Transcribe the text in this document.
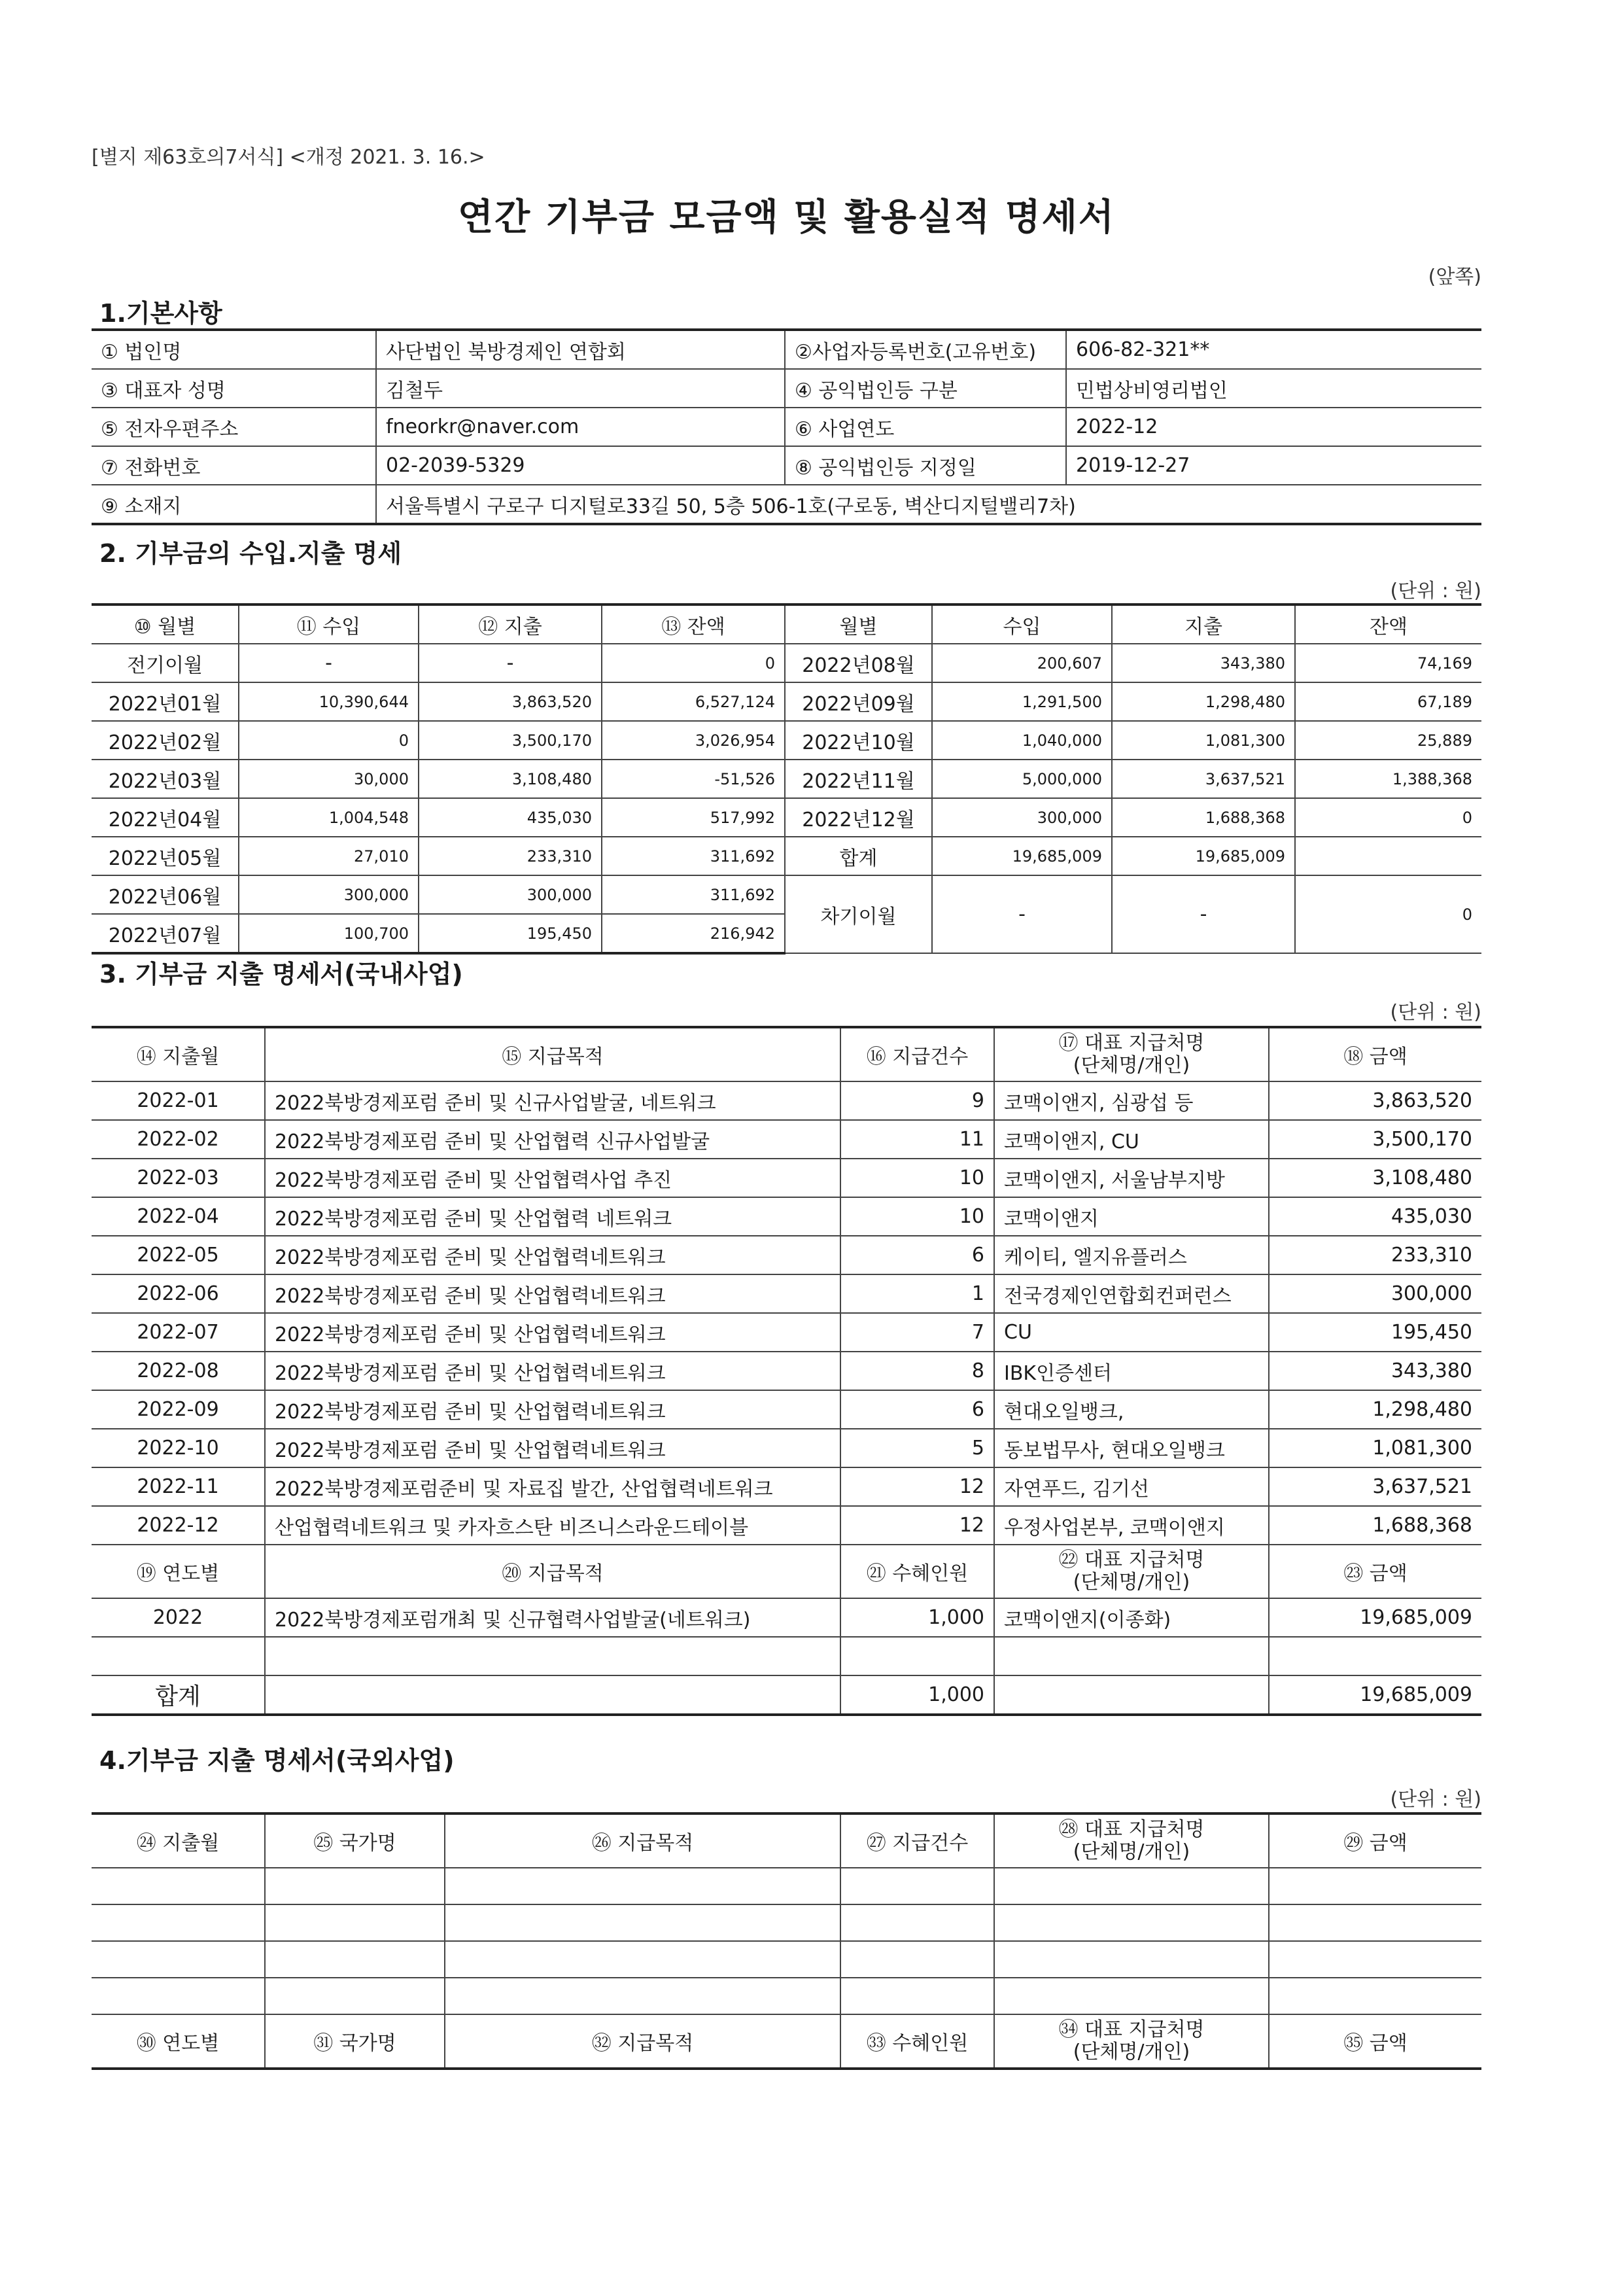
[별지 제63호의7서식] <개정 2021. 3. 16.>
연간 기부금 모금액 및 활용실적 명세서
(앞쪽)
1.기본사항
① 법인명	사단법인 북방경제인 연합회	②사업자등록번호(고유번호)	606-82-321**
③ 대표자 성명	김철두	④ 공익법인등 구분	민법상비영리법인
⑤ 전자우편주소	fneorkr@naver.com	⑥ 사업연도	2022-12
⑦ 전화번호	02-2039-5329	⑧ 공익법인등 지정일	2019-12-27
⑨ 소재지	서울특별시 구로구 디지털로33길 50, 5층 506-1호(구로동, 벽산디지털밸리7차)		
2. 기부금의 수입.지출 명세
(단위 : 원)
⑩ 월별	⑪ 수입	⑫ 지출	⑬ 잔액	월별	수입	지출	잔액
전기이월	-	-	0	2022년08월	200,607	343,380	74,169
2022년01월	10,390,644	3,863,520	6,527,124	2022년09월	1,291,500	1,298,480	67,189
2022년02월	0	3,500,170	3,026,954	2022년10월	1,040,000	1,081,300	25,889
2022년03월	30,000	3,108,480	-51,526	2022년11월	5,000,000	3,637,521	1,388,368
2022년04월	1,004,548	435,030	517,992	2022년12월	300,000	1,688,368	0
2022년05월	27,010	233,310	311,692	합계	19,685,009	19,685,009	
2022년06월	300,000	300,000	311,692	차기이월	-	-	0
2022년07월	100,700	195,450	216,942				
3. 기부금 지출 명세서(국내사업)
(단위 : 원)
⑭ 지출월	⑮ 지급목적	⑯ 지급건수	⑰ 대표 지급처명
(단체명/개인)	⑱ 금액
2022-01	2022북방경제포럼 준비 및 신규사업발굴, 네트워크	9	코맥이앤지, 심광섭 등	3,863,520
2022-02	2022북방경제포럼 준비 및 산업협력 신규사업발굴	11	코맥이앤지, CU	3,500,170
2022-03	2022북방경제포럼 준비 및 산업협력사업 추진	10	코맥이앤지, 서울남부지방	3,108,480
2022-04	2022북방경제포럼 준비 및 산업협력 네트워크	10	코맥이앤지	435,030
2022-05	2022북방경제포럼 준비 및 산업협력네트워크	6	케이티, 엘지유플러스	233,310
2022-06	2022북방경제포럼 준비 및 산업협력네트워크	1	전국경제인연합회컨퍼런스	300,000
2022-07	2022북방경제포럼 준비 및 산업협력네트워크	7	CU	195,450
2022-08	2022북방경제포럼 준비 및 산업협력네트워크	8	IBK인증센터	343,380
2022-09	2022북방경제포럼 준비 및 산업협력네트워크	6	현대오일뱅크,	1,298,480
2022-10	2022북방경제포럼 준비 및 산업협력네트워크	5	동보법무사, 현대오일뱅크	1,081,300
2022-11	2022북방경제포럼준비 및 자료집 발간, 산업협력네트워크	12	자연푸드, 김기선	3,637,521
2022-12	산업협력네트워크 및 카자흐스탄 비즈니스라운드테이블	12	우정사업본부, 코맥이앤지	1,688,368
⑲ 연도별	⑳ 지급목적	㉑ 수혜인원	㉒ 대표 지급처명
(단체명/개인)	㉓ 금액
2022	2022북방경제포럼개최 및 신규협력사업발굴(네트워크)	1,000	코맥이앤지(이종화)	19,685,009

합계		1,000		19,685,009
4.기부금 지출 명세서(국외사업)
(단위 : 원)
㉔ 지출월	㉕ 국가명	㉖ 지급목적	㉗ 지급건수	㉘ 대표 지급처명
(단체명/개인)	㉙ 금액

㉚ 연도별	㉛ 국가명	㉜ 지급목적	㉝ 수혜인원	㉞ 대표 지급처명
(단체명/개인)	㉟ 금액
